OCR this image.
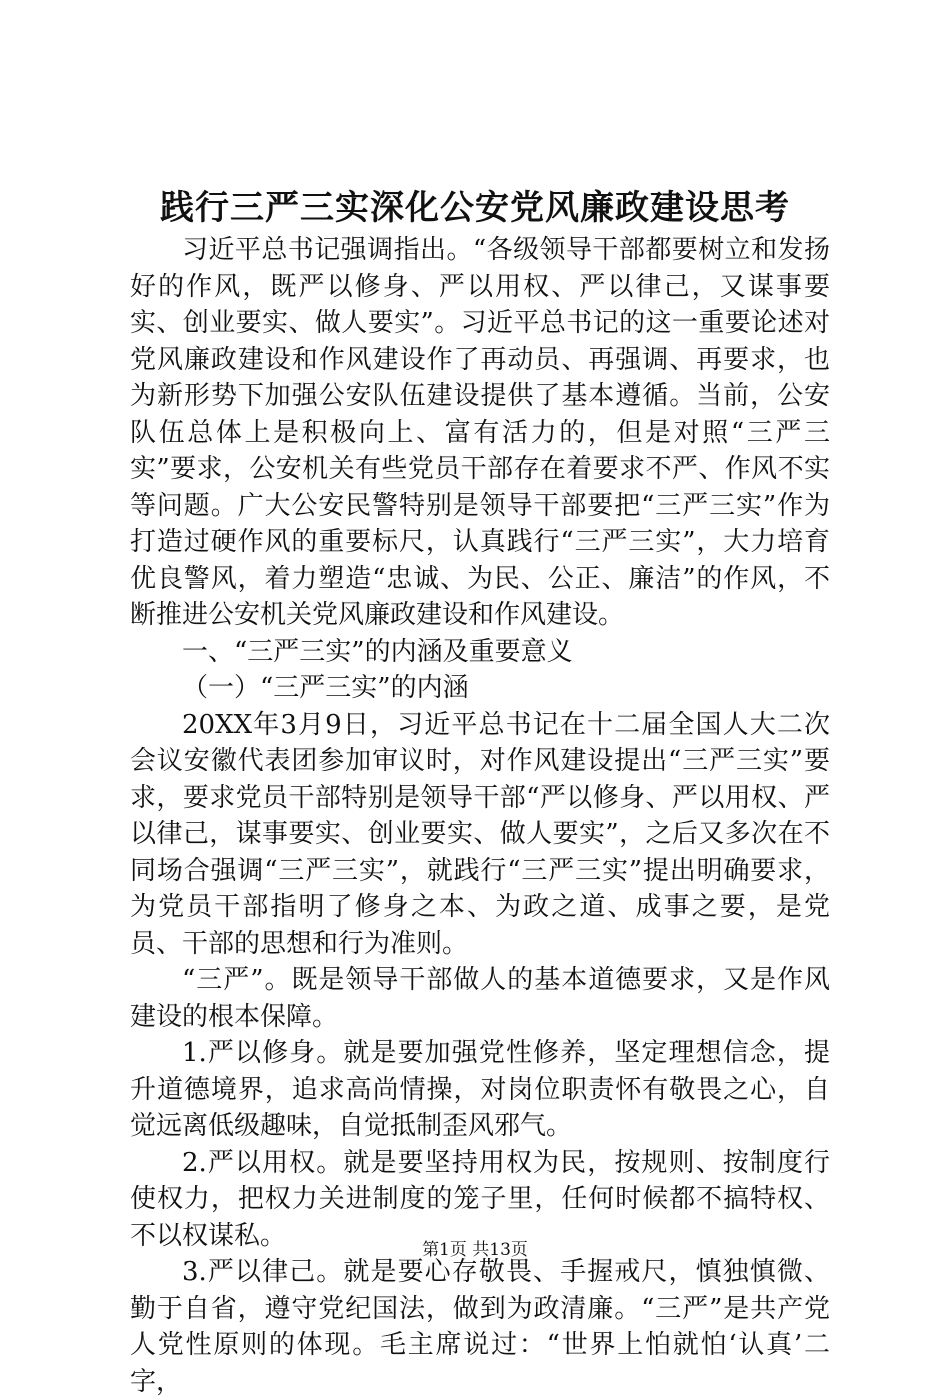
践行三严三实深化公安党风廉政建设思考

习近平总书记强调指出。“各级领导干部都要树立和发扬好的作风，既严以修身、严以用权、严以律己，又谋事要实、创业要实、做人要实”。习近平总书记的这一重要论述对党风廉政建设和作风建设作了再动员、再强调、再要求，也为新形势下加强公安队伍建设提供了基本遵循。当前，公安队伍总体上是积极向上、富有活力的，但是对照“三严三实”要求，公安机关有些党员干部存在着要求不严、作风不实等问题。广大公安民警特别是领导干部要把“三严三实”作为打造过硬作风的重要标尺，认真践行“三严三实”，大力培育优良警风，着力塑造“忠诚、为民、公正、廉洁”的作风，不断推进公安机关党风廉政建设和作风建设。

一、“三严三实”的内涵及重要意义

（一）“三严三实”的内涵

20XX年3月9日，习近平总书记在十二届全国人大二次会议安徽代表团参加审议时，对作风建设提出“三严三实”要求，要求党员干部特别是领导干部“严以修身、严以用权、严以律己，谋事要实、创业要实、做人要实”，之后又多次在不同场合强调“三严三实”，就践行“三严三实”提出明确要求，为党员干部指明了修身之本、为政之道、成事之要，是党员、干部的思想和行为准则。

“三严”。既是领导干部做人的基本道德要求，又是作风建设的根本保障。

1.严以修身。就是要加强党性修养，坚定理想信念，提升道德境界，追求高尚情操，对岗位职责怀有敬畏之心，自觉远离低级趣味，自觉抵制歪风邪气。

2.严以用权。就是要坚持用权为民，按规则、按制度行使权力，把权力关进制度的笼子里，任何时候都不搞特权、不以权谋私。

3.严以律己。就是要心存敬畏、手握戒尺，慎独慎微、勤于自省，遵守党纪国法，做到为政清廉。“三严”是共产党人党性原则的体现。毛主席说过：“世界上怕就怕‘认真’二字，

第1页 共13页
